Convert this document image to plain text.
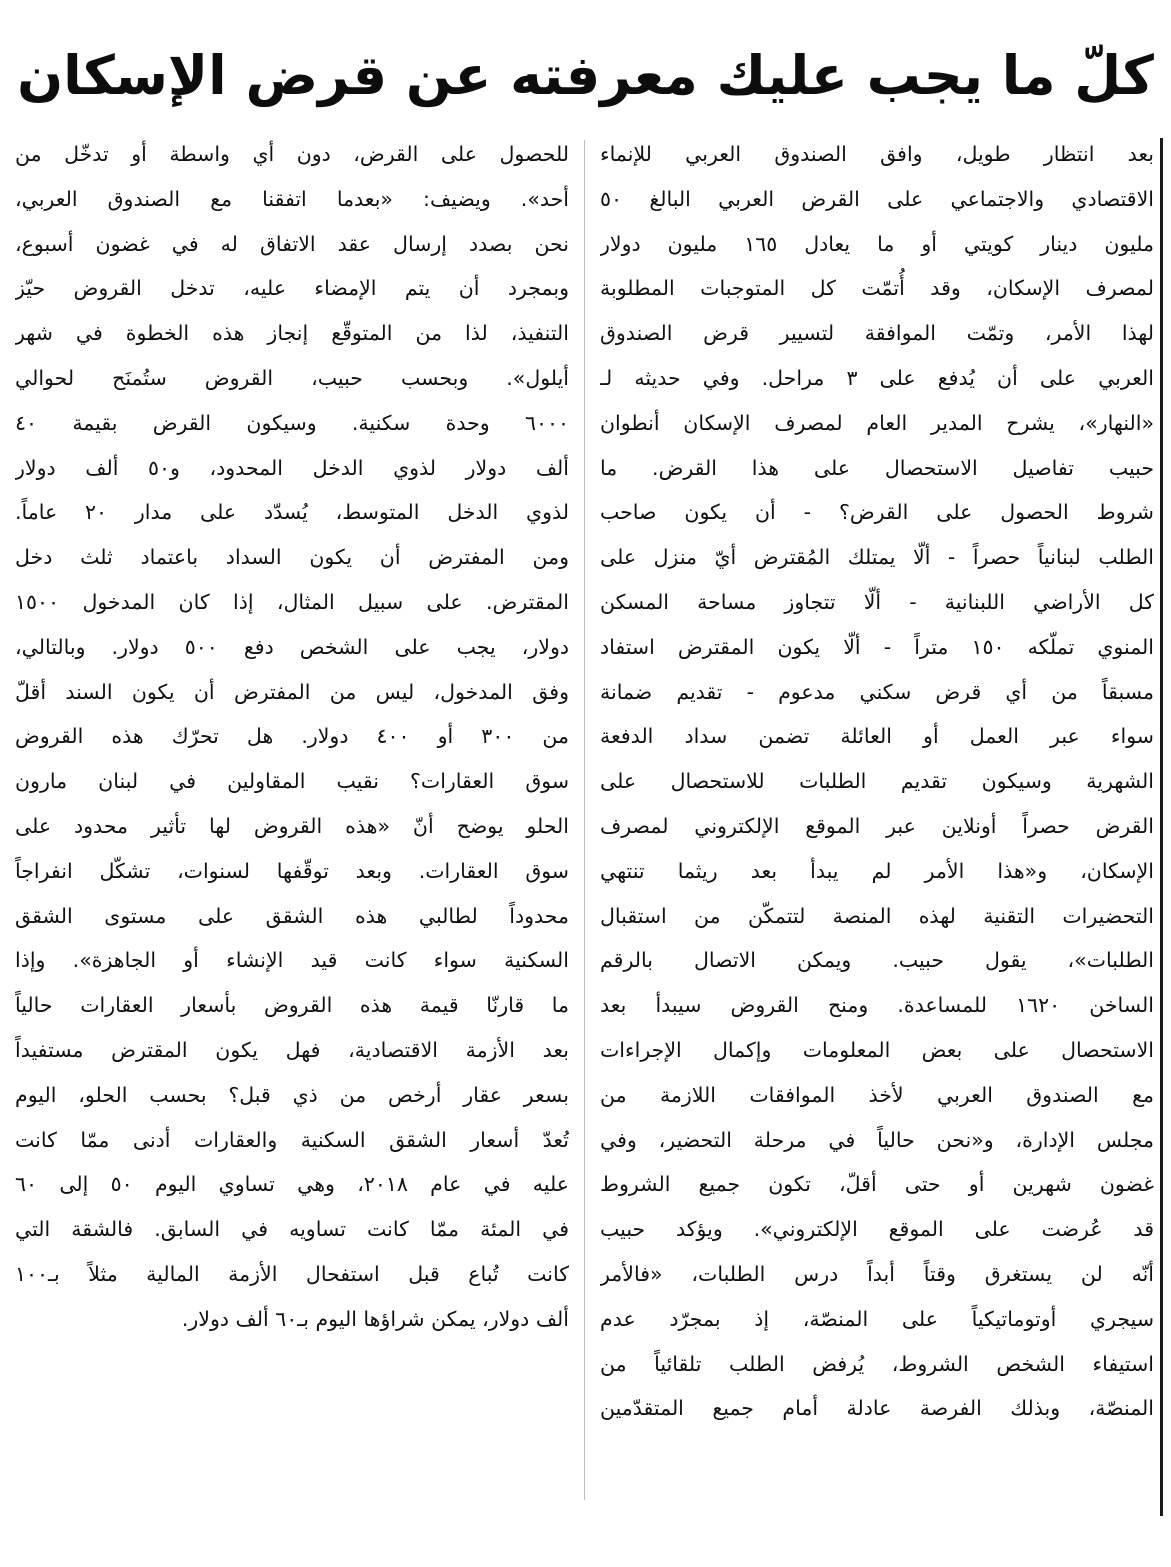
كلّ ما يجب عليك معرفته عن قرض الإسكان
بعد انتظار طويل، وافق الصندوق العربي للإنماء
الاقتصادي والاجتماعي على القرض العربي البالغ ٥٠
مليون دينار كويتي أو ما يعادل ١٦٥ مليون دولار
لمصرف الإسكان، وقد أُتمّت كل المتوجبات المطلوبة
لهذا الأمر، وتمّت الموافقة لتسيير قرض الصندوق
العربي على أن يُدفع على ٣ مراحل. وفي حديثه لـ
«النهار»، يشرح المدير العام لمصرف الإسكان أنطوان
حبيب تفاصيل الاستحصال على هذا القرض. ما
شروط الحصول على القرض؟ - أن يكون صاحب
الطلب لبنانياً حصراً - ألّا يمتلك المُقترض أيّ منزل على
كل الأراضي اللبنانية - ألّا تتجاوز مساحة المسكن
المنوي تملّكه ١٥٠ متراً - ألّا يكون المقترض استفاد
مسبقاً من أي قرض سكني مدعوم - تقديم ضمانة
سواء عبر العمل أو العائلة تضمن سداد الدفعة
الشهرية وسيكون تقديم الطلبات للاستحصال على
القرض حصراً أونلاين عبر الموقع الإلكتروني لمصرف
الإسكان، و«هذا الأمر لم يبدأ بعد ريثما تنتهي
التحضيرات التقنية لهذه المنصة لتتمكّن من استقبال
الطلبات»، يقول حبيب. ويمكن الاتصال بالرقم
الساخن ١٦٢٠ للمساعدة. ومنح القروض سيبدأ بعد
الاستحصال على بعض المعلومات وإكمال الإجراءات
مع الصندوق العربي لأخذ الموافقات اللازمة من
مجلس الإدارة، و«نحن حالياً في مرحلة التحضير، وفي
غضون شهرين أو حتى أقلّ، تكون جميع الشروط
قد عُرضت على الموقع الإلكتروني». ويؤكد حبيب
أنّه لن يستغرق وقتاً أبداً درس الطلبات، «فالأمر
سيجري أوتوماتيكياً على المنصّة، إذ بمجرّد عدم
استيفاء الشخص الشروط، يُرفض الطلب تلقائياً من
المنصّة، وبذلك الفرصة عادلة أمام جميع المتقدّمين
للحصول على القرض، دون أي واسطة أو تدخّل من
أحد». ويضيف: «بعدما اتفقنا مع الصندوق العربي،
نحن بصدد إرسال عقد الاتفاق له في غضون أسبوع،
وبمجرد أن يتم الإمضاء عليه، تدخل القروض حيّز
التنفيذ، لذا من المتوقّع إنجاز هذه الخطوة في شهر
أيلول». وبحسب حبيب، القروض ستُمنَح لحوالي
٦٠٠٠ وحدة سكنية. وسيكون القرض بقيمة ٤٠
ألف دولار لذوي الدخل المحدود، و٥٠ ألف دولار
لذوي الدخل المتوسط، يُسدّد على مدار ٢٠ عاماً.
ومن المفترض أن يكون السداد باعتماد ثلث دخل
المقترض. على سبيل المثال، إذا كان المدخول ١٥٠٠
دولار، يجب على الشخص دفع ٥٠٠ دولار. وبالتالي،
وفق المدخول، ليس من المفترض أن يكون السند أقلّ
من ٣٠٠ أو ٤٠٠ دولار. هل تحرّك هذه القروض
سوق العقارات؟ نقيب المقاولين في لبنان مارون
الحلو يوضح أنّ «هذه القروض لها تأثير محدود على
سوق العقارات. وبعد توقّفها لسنوات، تشكّل انفراجاً
محدوداً لطالبي هذه الشقق على مستوى الشقق
السكنية سواء كانت قيد الإنشاء أو الجاهزة». وإذا
ما قارنّا قيمة هذه القروض بأسعار العقارات حالياً
بعد الأزمة الاقتصادية، فهل يكون المقترض مستفيداً
بسعر عقار أرخص من ذي قبل؟ بحسب الحلو، اليوم
تُعدّ أسعار الشقق السكنية والعقارات أدنى ممّا كانت
عليه في عام ٢٠١٨، وهي تساوي اليوم ٥٠ إلى ٦٠
في المئة ممّا كانت تساويه في السابق. فالشقة التي
كانت تُباع قبل استفحال الأزمة المالية مثلاً بـ١٠٠
ألف دولار، يمكن شراؤها اليوم بـ٦٠ ألف دولار.
